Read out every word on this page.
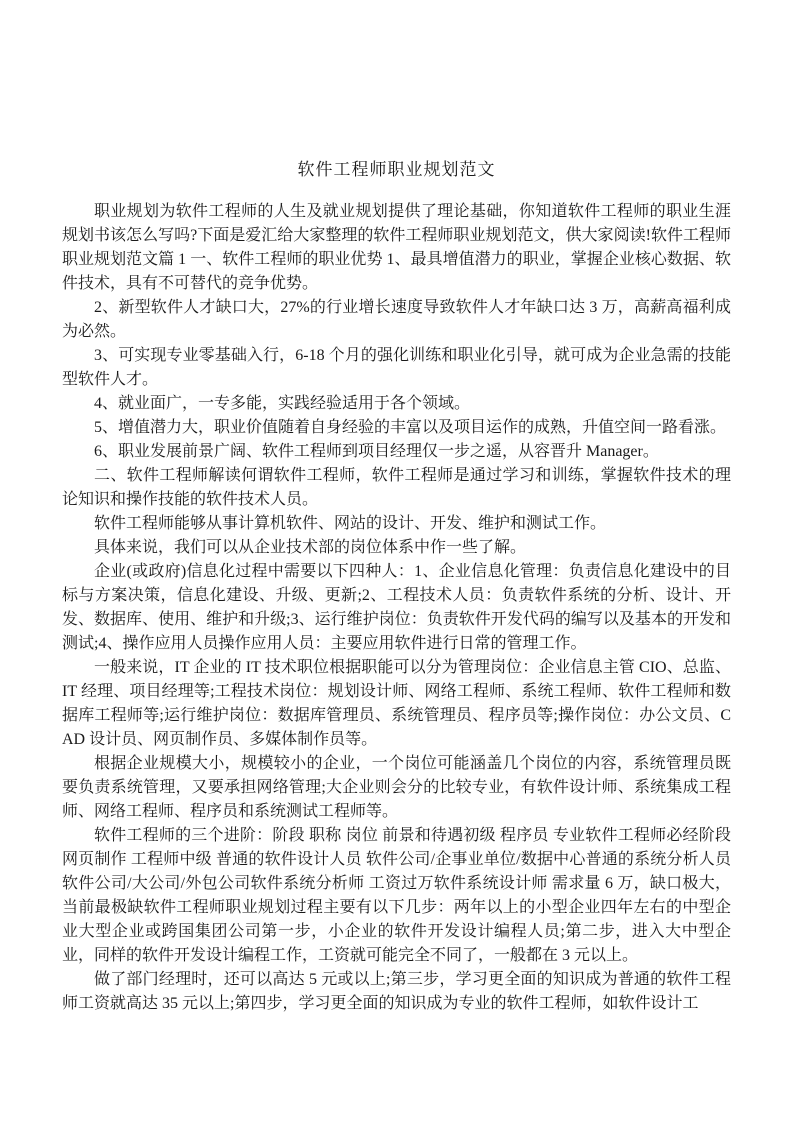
软件工程师职业规划范文

职业规划为软件工程师的人生及就业规划提供了理论基础，你知道软件工程师的职业生涯规划书该怎么写吗?下面是爱汇给大家整理的软件工程师职业规划范文，供大家阅读!软件工程师职业规划范文篇 1 一、软件工程师的职业优势 1、最具增值潜力的职业，掌握企业核心数据、软件技术，具有不可替代的竞争优势。

2、新型软件人才缺口大，27%的行业增长速度导致软件人才年缺口达 3 万，高薪高福利成为必然。

3、可实现专业零基础入行，6-18 个月的强化训练和职业化引导，就可成为企业急需的技能型软件人才。

4、就业面广，一专多能，实践经验适用于各个领域。

5、增值潜力大，职业价值随着自身经验的丰富以及项目运作的成熟，升值空间一路看涨。

6、职业发展前景广阔、软件工程师到项目经理仅一步之遥，从容晋升 Manager。

二、软件工程师解读何谓软件工程师，软件工程师是通过学习和训练，掌握软件技术的理论知识和操作技能的软件技术人员。

软件工程师能够从事计算机软件、网站的设计、开发、维护和测试工作。

具体来说，我们可以从企业技术部的岗位体系中作一些了解。

企业(或政府)信息化过程中需要以下四种人：1、企业信息化管理：负责信息化建设中的目标与方案决策，信息化建设、升级、更新;2、工程技术人员：负责软件系统的分析、设计、开发、数据库、使用、维护和升级;3、运行维护岗位：负责软件开发代码的编写以及基本的开发和测试;4、操作应用人员操作应用人员：主要应用软件进行日常的管理工作。

一般来说，IT 企业的 IT 技术职位根据职能可以分为管理岗位：企业信息主管 CIO、总监、IT 经理、项目经理等;工程技术岗位：规划设计师、网络工程师、系统工程师、软件工程师和数据库工程师等;运行维护岗位：数据库管理员、系统管理员、程序员等;操作岗位：办公文员、CAD 设计员、网页制作员、多媒体制作员等。

根据企业规模大小，规模较小的企业，一个岗位可能涵盖几个岗位的内容，系统管理员既要负责系统管理，又要承担网络管理;大企业则会分的比较专业，有软件设计师、系统集成工程师、网络工程师、程序员和系统测试工程师等。

软件工程师的三个进阶：阶段 职称 岗位 前景和待遇初级 程序员 专业软件工程师必经阶段网页制作 工程师中级 普通的软件设计人员 软件公司/企事业单位/数据中心普通的系统分析人员 软件公司/大公司/外包公司软件系统分析师 工资过万软件系统设计师 需求量 6 万，缺口极大，当前最极缺软件工程师职业规划过程主要有以下几步：两年以上的小型企业四年左右的中型企业大型企业或跨国集团公司第一步，小企业的软件开发设计编程人员;第二步，进入大中型企业，同样的软件开发设计编程工作，工资就可能完全不同了，一般都在 3 元以上。

做了部门经理时，还可以高达 5 元或以上;第三步，学习更全面的知识成为普通的软件工程师工资就高达 35 元以上;第四步，学习更全面的知识成为专业的软件工程师，如软件设计工
